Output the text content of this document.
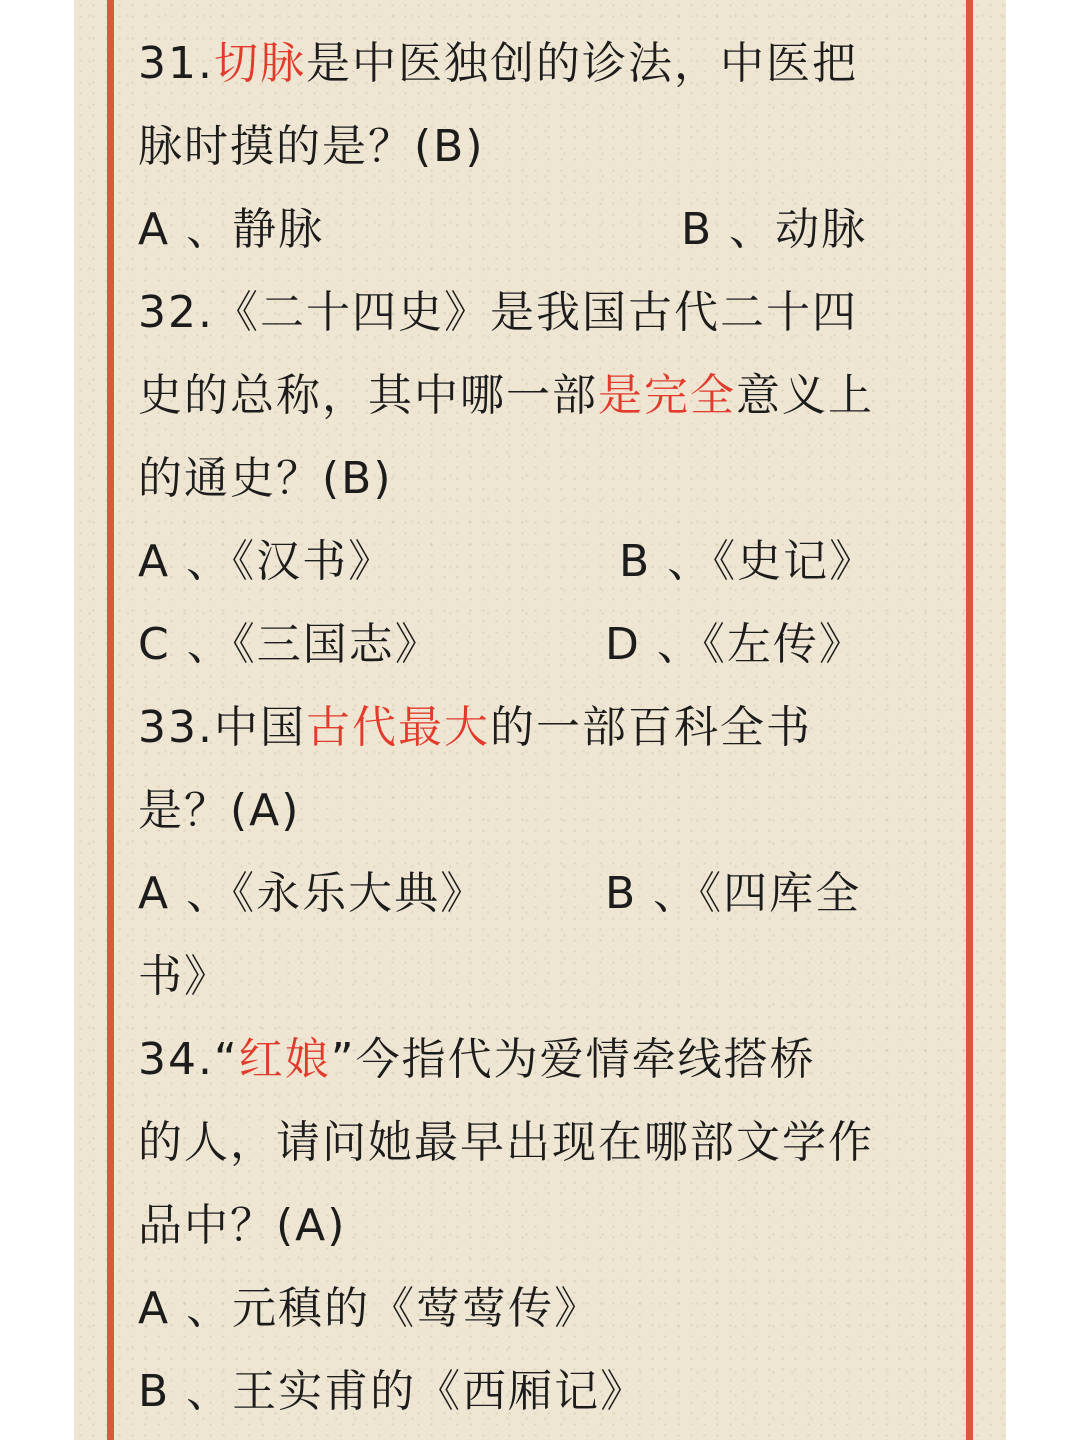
31.切脉是中医独创的诊法，中医把
脉时摸的是？(B)
A 、静脉	B 、动脉
32.《二十四史》是我国古代二十四
史的总称，其中哪一部是完全意义上
的通史？(B)
A 、《汉书》	B 、《史记》
C 、《三国志》	D 、《左传》
33.中国古代最大的一部百科全书
是？(A)
A 、《永乐大典》	B 、《四库全
书》
34.“红娘”今指代为爱情牵线搭桥
的人，请问她最早出现在哪部文学作
品中？(A)
A 、元稹的《莺莺传》
B 、王实甫的《西厢记》
